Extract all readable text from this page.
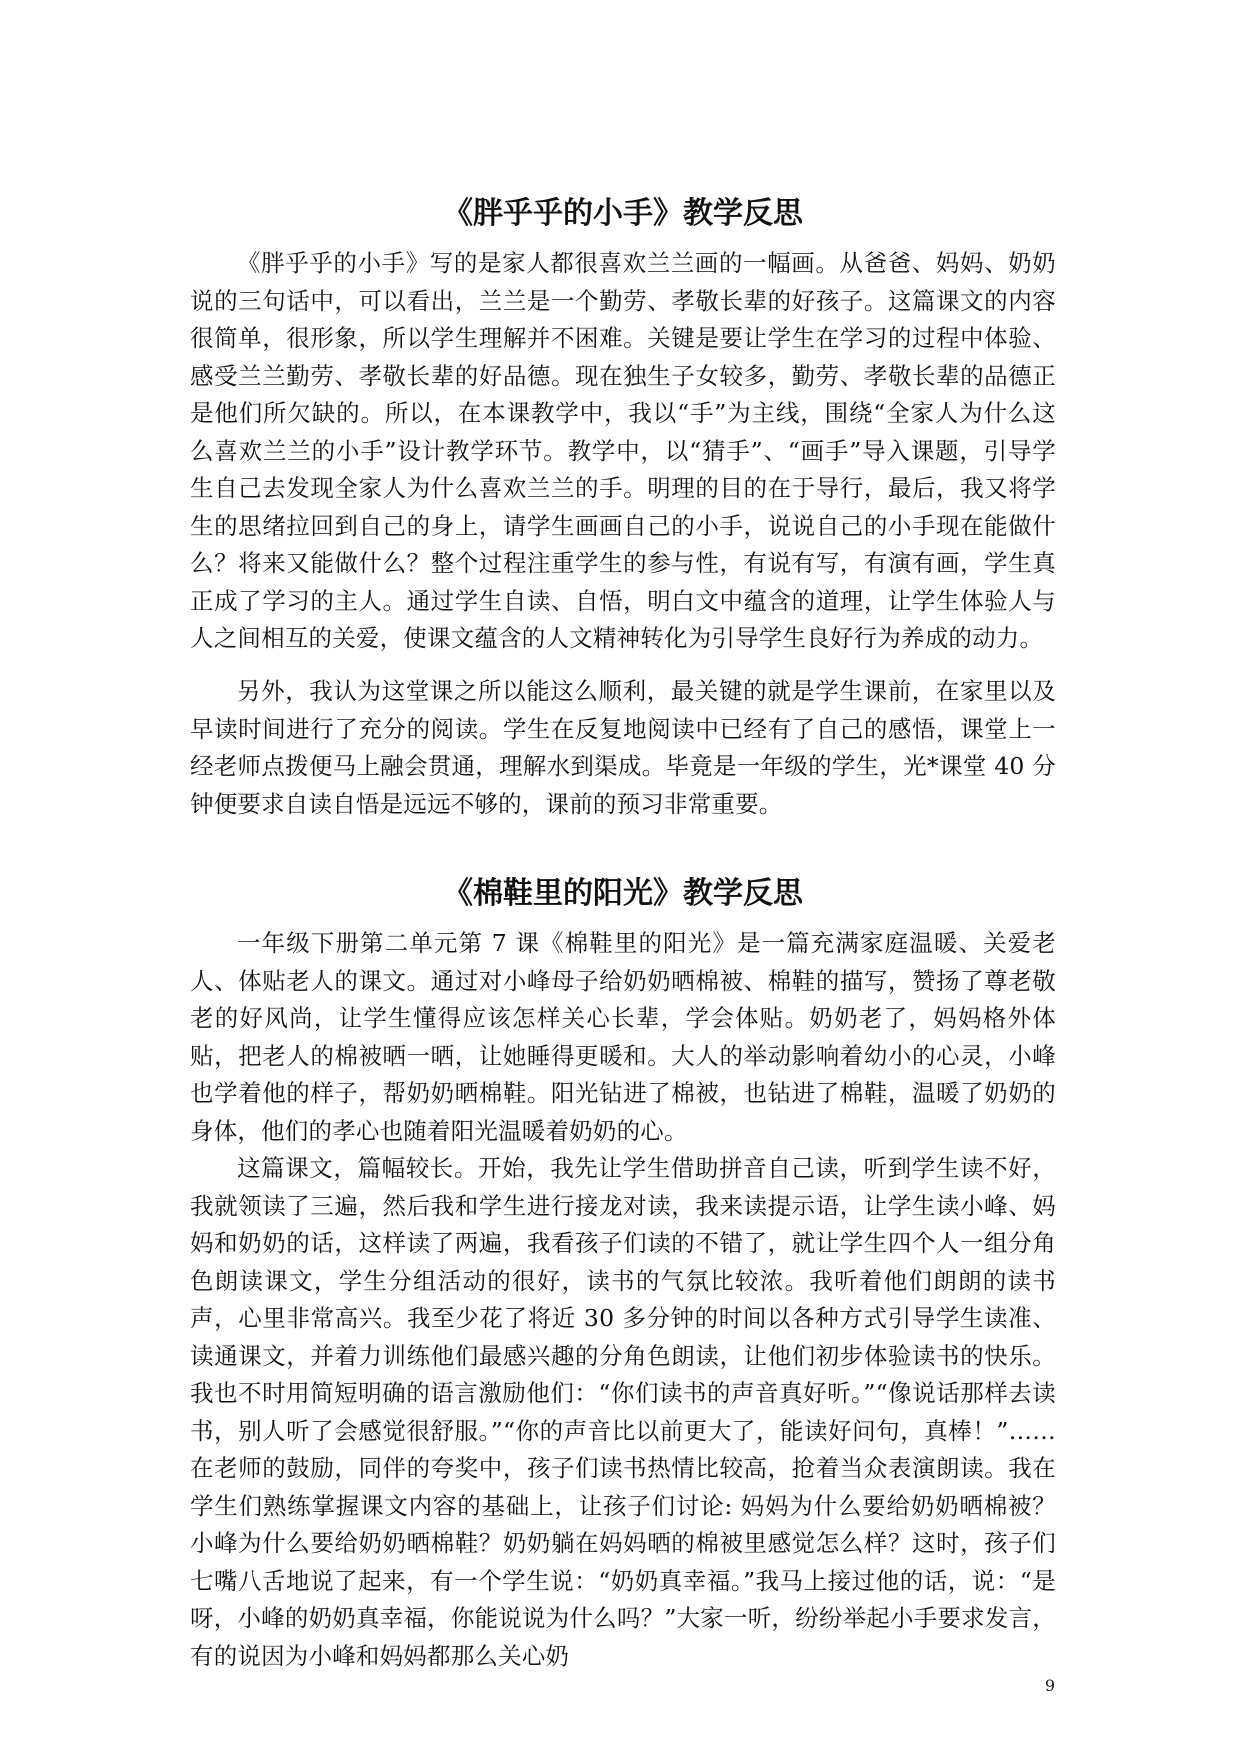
《胖乎乎的小手》教学反思

《胖乎乎的小手》写的是家人都很喜欢兰兰画的一幅画。从爸爸、妈妈、奶奶说的三句话中，可以看出，兰兰是一个勤劳、孝敬长辈的好孩子。这篇课文的内容很简单，很形象，所以学生理解并不困难。关键是要让学生在学习的过程中体验、感受兰兰勤劳、孝敬长辈的好品德。现在独生子女较多，勤劳、孝敬长辈的品德正是他们所欠缺的。所以，在本课教学中，我以“手”为主线，围绕“全家人为什么这么喜欢兰兰的小手”设计教学环节。教学中，以“猜手”、“画手”导入课题，引导学生自己去发现全家人为什么喜欢兰兰的手。明理的目的在于导行，最后，我又将学生的思绪拉回到自己的身上，请学生画画自己的小手，说说自己的小手现在能做什么？将来又能做什么？整个过程注重学生的参与性，有说有写，有演有画，学生真正成了学习的主人。通过学生自读、自悟，明白文中蕴含的道理，让学生体验人与人之间相互的关爱，使课文蕴含的人文精神转化为引导学生良好行为养成的动力。

另外，我认为这堂课之所以能这么顺利，最关键的就是学生课前，在家里以及早读时间进行了充分的阅读。学生在反复地阅读中已经有了自己的感悟，课堂上一经老师点拨便马上融会贯通，理解水到渠成。毕竟是一年级的学生，光*课堂 40 分钟便要求自读自悟是远远不够的，课前的预习非常重要。

《棉鞋里的阳光》教学反思

一年级下册第二单元第 7 课《棉鞋里的阳光》是一篇充满家庭温暖、关爱老人、体贴老人的课文。通过对小峰母子给奶奶晒棉被、棉鞋的描写，赞扬了尊老敬老的好风尚，让学生懂得应该怎样关心长辈，学会体贴。奶奶老了，妈妈格外体贴，把老人的棉被晒一晒，让她睡得更暖和。大人的举动影响着幼小的心灵，小峰也学着他的样子，帮奶奶晒棉鞋。阳光钻进了棉被，也钻进了棉鞋，温暖了奶奶的身体，他们的孝心也随着阳光温暖着奶奶的心。

这篇课文，篇幅较长。开始，我先让学生借助拼音自己读，听到学生读不好，我就领读了三遍，然后我和学生进行接龙对读，我来读提示语，让学生读小峰、妈妈和奶奶的话，这样读了两遍，我看孩子们读的不错了，就让学生四个人一组分角色朗读课文，学生分组活动的很好，读书的气氛比较浓。我听着他们朗朗的读书声，心里非常高兴。我至少花了将近 30 多分钟的时间以各种方式引导学生读准、读通课文，并着力训练他们最感兴趣的分角色朗读，让他们初步体验读书的快乐。我也不时用简短明确的语言激励他们：“你们读书的声音真好听。”“像说话那样去读书，别人听了会感觉很舒服。”“你的声音比以前更大了，能读好问句，真棒！”……在老师的鼓励，同伴的夸奖中，孩子们读书热情比较高，抢着当众表演朗读。我在学生们熟练掌握课文内容的基础上，让孩子们讨论: 妈妈为什么要给奶奶晒棉被？小峰为什么要给奶奶晒棉鞋？奶奶躺在妈妈晒的棉被里感觉怎么样？这时，孩子们七嘴八舌地说了起来，有一个学生说：“奶奶真幸福。”我马上接过他的话，说：“是呀，小峰的奶奶真幸福，你能说说为什么吗？”大家一听，纷纷举起小手要求发言，有的说因为小峰和妈妈都那么关心奶

9
